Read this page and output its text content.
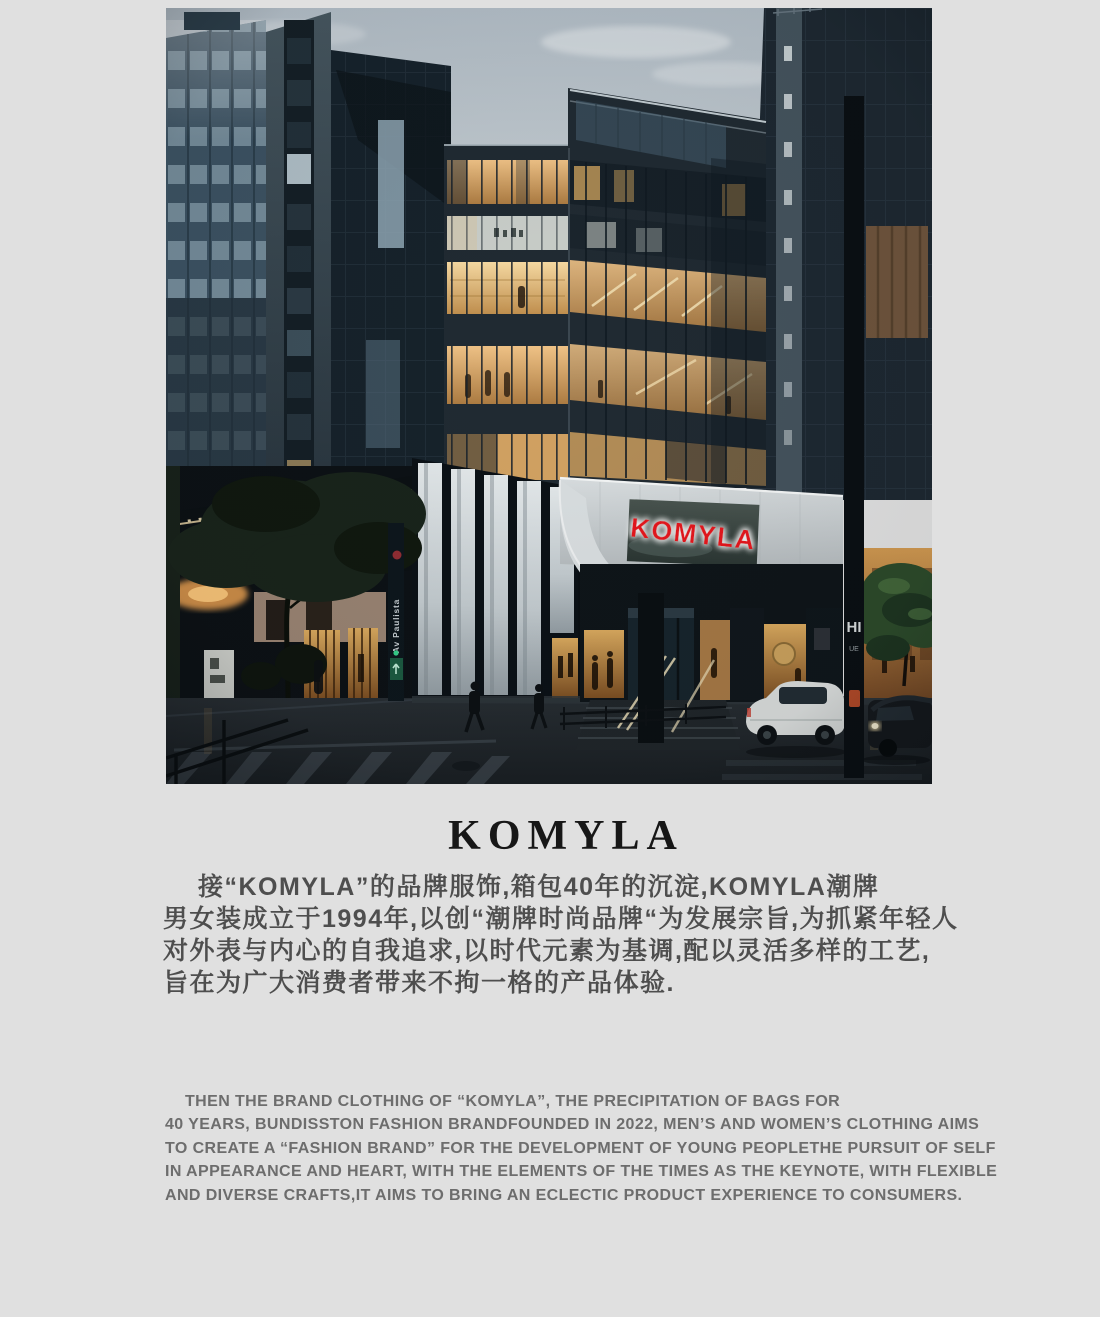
KOMYLA
接“KOMYLA”的品牌服饰,箱包40年的沉淀,KOMYLA潮牌
男女装成立于1994年,以创“潮牌时尚品牌“为发展宗旨,为抓紧年轻人
对外表与内心的自我追求,以时代元素为基调,配以灵活多样的工艺,
旨在为广大消费者带来不拘一格的产品体验.
THEN THE BRAND CLOTHING OF “KOMYLA”, THE PRECIPITATION OF BAGS FOR
40 YEARS, BUNDISSTON FASHION BRANDFOUNDED IN 2022, MEN’S AND WOMEN’S CLOTHING AIMS
TO CREATE A “FASHION BRAND” FOR THE DEVELOPMENT OF YOUNG PEOPLETHE PURSUIT OF SELF
IN APPEARANCE AND HEART, WITH THE ELEMENTS OF THE TIMES AS THE KEYNOTE, WITH FLEXIBLE
AND DIVERSE CRAFTS,IT AIMS TO BRING AN ECLECTIC PRODUCT EXPERIENCE TO CONSUMERS.
